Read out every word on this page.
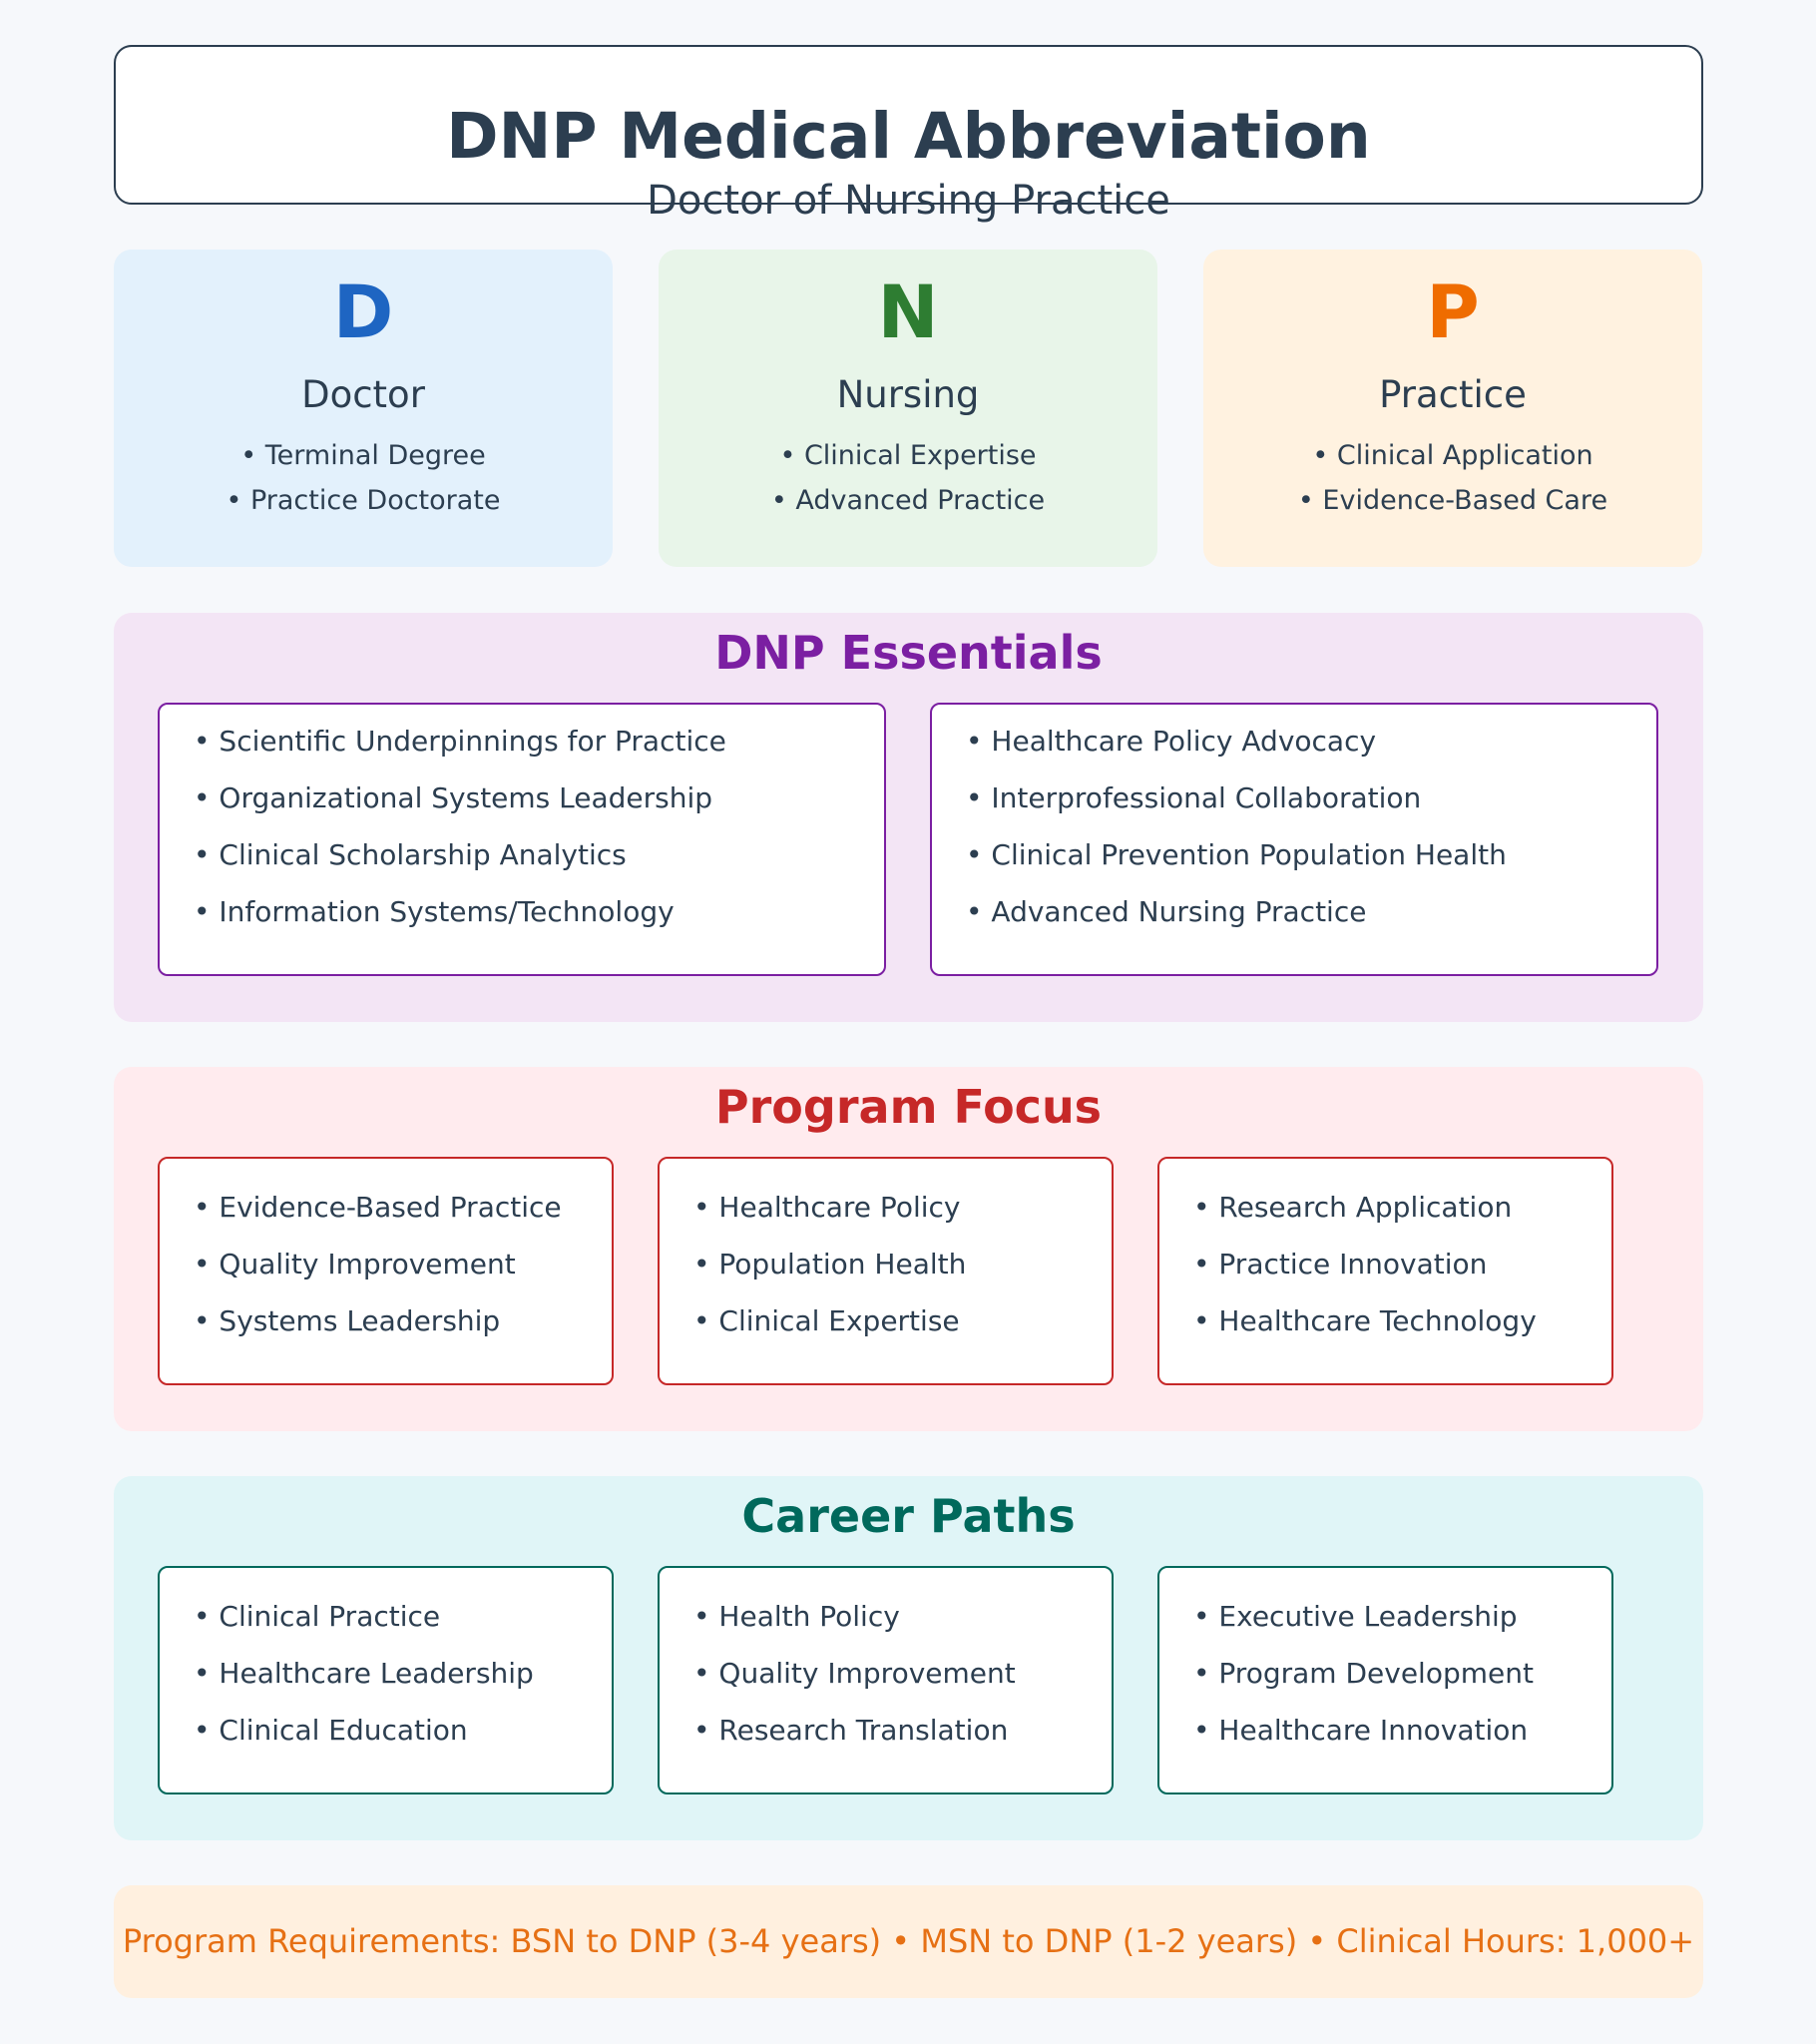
DNP Medical Abbreviation
Doctor of Nursing Practice
D
Doctor
• Terminal Degree
• Practice Doctorate
N
Nursing
• Clinical Expertise
• Advanced Practice
P
Practice
• Clinical Application
• Evidence-Based Care
DNP Essentials
• Scientific Underpinnings for Practice
• Organizational Systems Leadership
• Clinical Scholarship Analytics
• Information Systems/Technology
• Healthcare Policy Advocacy
• Interprofessional Collaboration
• Clinical Prevention Population Health
• Advanced Nursing Practice
Program Focus
• Evidence-Based Practice
• Quality Improvement
• Systems Leadership
• Healthcare Policy
• Population Health
• Clinical Expertise
• Research Application
• Practice Innovation
• Healthcare Technology
Career Paths
• Clinical Practice
• Healthcare Leadership
• Clinical Education
• Health Policy
• Quality Improvement
• Research Translation
• Executive Leadership
• Program Development
• Healthcare Innovation
Program Requirements: BSN to DNP (3-4 years) • MSN to DNP (1-2 years) • Clinical Hours: 1,000+
